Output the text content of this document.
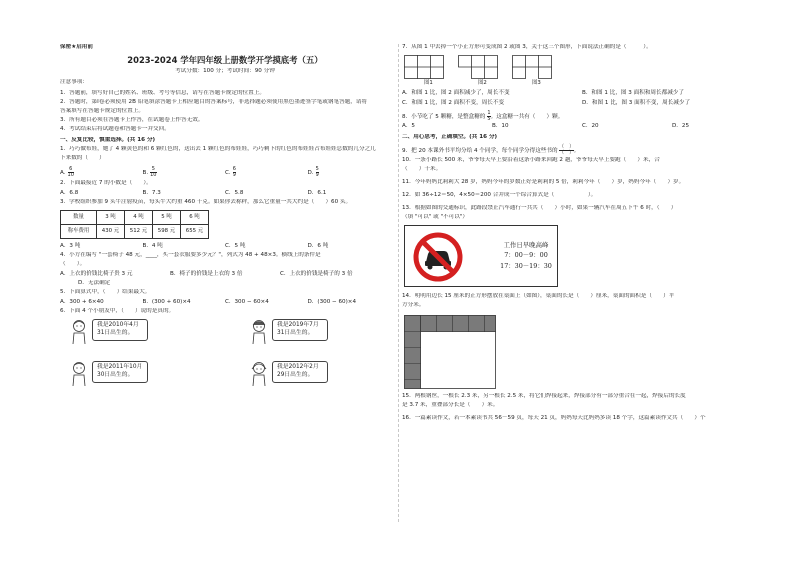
保密★启用前
2023-2024 学年四年级上册数学开学摸底考（五）
考试分数：100 分；考试时间：90 分钟
注意事项：
1．答题前，填写好自己的姓名、班级、考号等信息，请写在答题卡规定的位置上。
2．答题时，第Ⅰ卷必须使用 2B 铅笔填涂答题卡上相应题目的答案标号，非选择题必须使用黑色墨迹签字笔或钢笔答题，请将
答案填写在答题卡规定的位置上。
3．所有题目必须在答题卡上作答，在试题卷上作答无效。
4．考试结束后将试题卷和答题卡一并交回。
一、反复比较，慎重选择。(共 16 分)
1．巧巧做布娃，她了 4 颗黄色的和 6 颗红色的，送出去 1 颗红色的布娃娃，巧巧剩下的红色的布娃娃占布娃娃总数的几分之几
下来数的（　　）
A. $\frac{6}{10}$	B. $\frac{5}{10}$	C. $\frac{6}{9}$	D. $\frac{5}{9}$
2．下面最接近 7 的小数是（　　）。
A．6.8	B．7.3	C．5.8	D．6.1
3．学校组织参加 9 头牛注射疫苗，每头牛大约重 460 千克。如果你去称秤，那么它重量一共大约是（　　）60 头。
数量	3 吨	4 吨	5 吨	6 吨
称车费用	430 元	512 元	598 元	655 元
A．3 吨	B．4 吨	C．5 吨	D．6 吨
4．小方在编写 "一套椅子 48 元，____，买一套衣服要多少元？"，列式为 48 + 48×3。横线上的条件是
（　　）。
A．上衣的价钱比椅子贵 3 元	B．椅子的价钱是上衣的 3 倍	C．上衣的价钱是椅子的 3 倍
D．无法确定
5．下面算式中，（　　）结果最大。
A．300 + 6×40	B．(300 + 60)×4	C．300 − 60×4	D．(300 − 60)×4
6．下面 4 个小朋友中，（　　）说的是真的。
我是2010年4月31日出生的。
我是2019年7月31日出生的。
我是2011年10月30日出生的。
我是2012年2月29日出生的。
7．从图 1 中去掉一个小正方形可变成图 2 或图 3，关于这三个图形，下面说法正确的是（　　　）。
图1	图2	图3
A．和图 1 比，图 2 面积减少了，周长不变	B．和图 1 比，图 3 面积和周长都减少了
C．和图 1 比，图 2 面积不变，周长不变	D．和图 1 比，图 3 面积不变，周长减少了
8．小节吃了 5 颗糖，是整盒糖的 $\frac{1}{5}$ 。这盒糖一共有（　　）颗。
A．5	B．10	C．20	D．25
二、用心思考，正确填空。(共 16 分)
9．把 20 本课外书平均分给 4 个同学，每个同学分得这些书的 $\frac{( )}{( )}$ 。
10．一条小路长 500 米，爷爷每天早上要沿着这条小路来回跑 2 趟，爷爷每天早上要跑（　　）米，合
（　　）千米。
11．今年妈妈比莉莉大 28 岁，妈妈今年的岁数正好是莉莉的 5 倍，莉莉今年（　　）岁，妈妈今年（　　）岁。
12．如 36÷12＝50，4×50＝200 合并成一个综合算式是（　　　　　　）。
13．根据如图的交通标识，此路段禁止汽车通行一共共（　　）小时，如果一辆汽车在周五下午 6 时，（　　）
（填 "可以" 或 "不可以"）
工作日早晚高峰
7：00－9：00
17：30－19：30
14．明明用边长 15 厘米的正方形摆放在桌面上（如图），桌面的长是（　　）厘米，桌面的面积是（　　）平
方分米。
15．两根钢丝，一根长 2.3 米，另一根长 2.5 米，将它们焊接起来，焊接部分有一部分重合在一起，焊接后的长度
是 3.7 米，重叠部分长是（　　）米。
16．一篇素读作文，若一本素读书共 56－59 页，每天 21 页，妈妈每天比妈妈多读 18 个字，这篇素读作文共（　　）个
